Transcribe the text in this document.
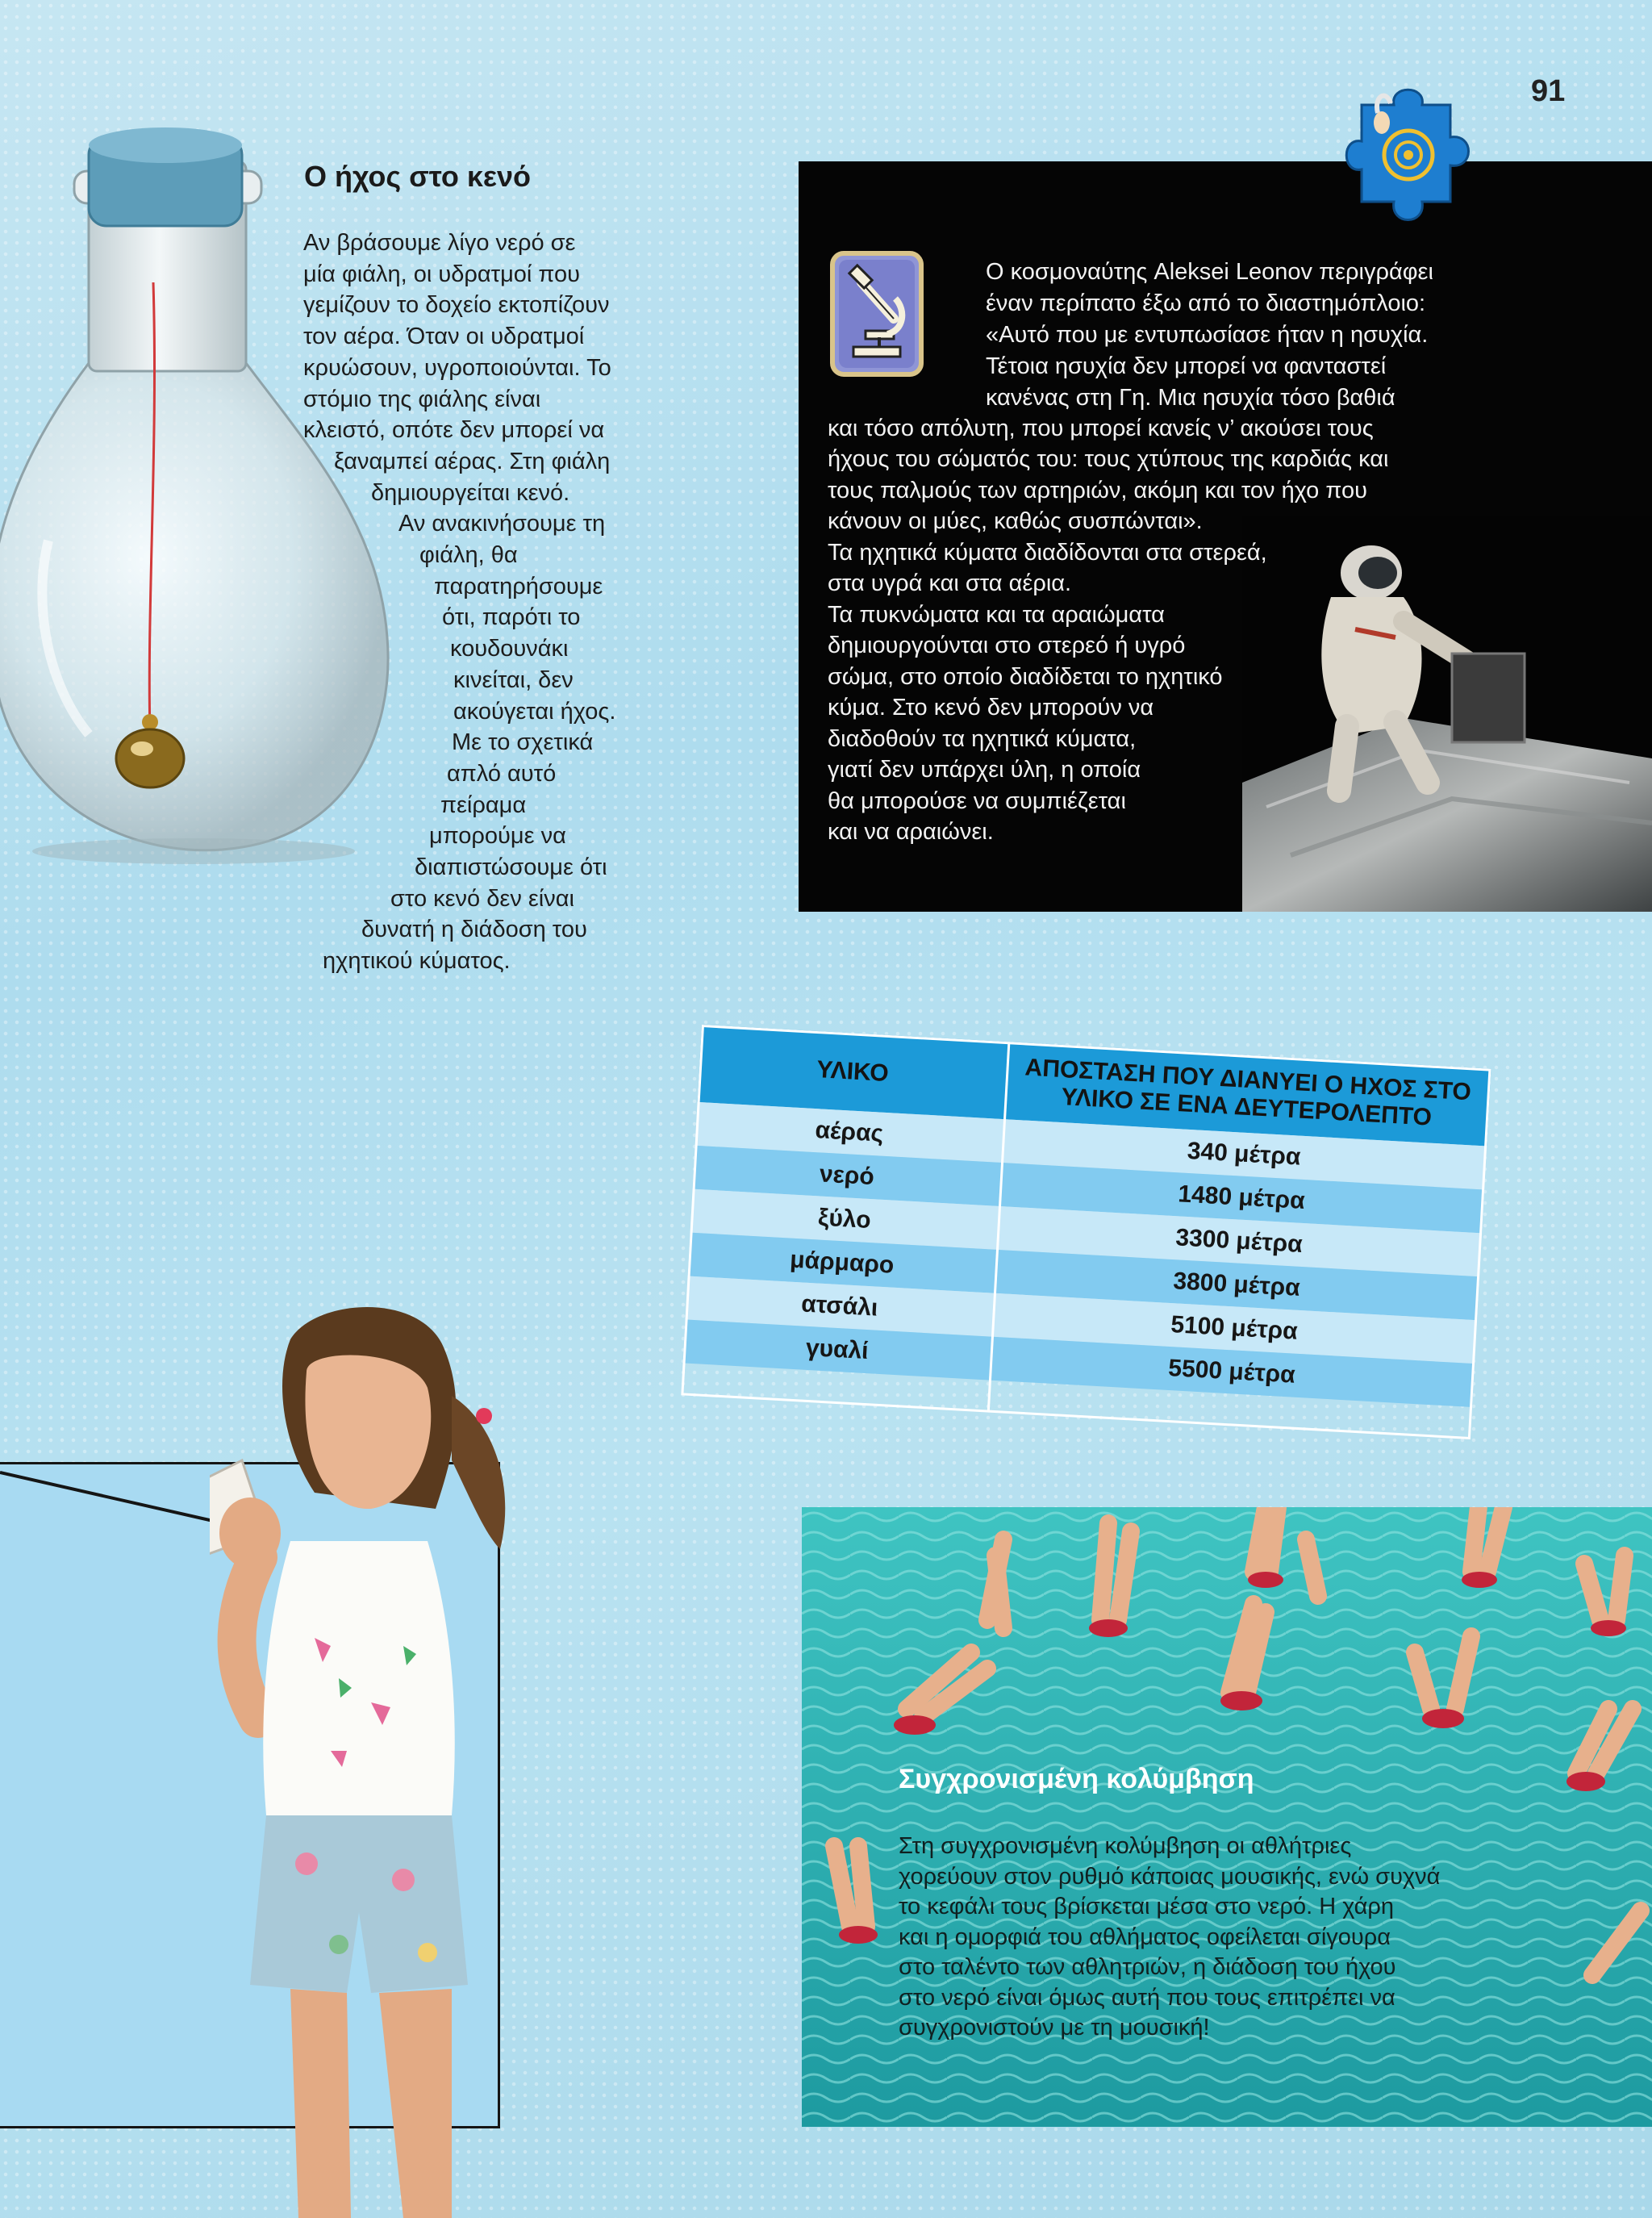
91
Ο ήχος στο κενό
Αν βράσουμε λίγο νερό σε
μία φιάλη, οι υδρατμοί που
γεμίζουν το δοχείο εκτοπίζουν
τον αέρα. Όταν οι υδρατμοί
κρυώσουν, υγροποιούνται. Το
στόμιο της φιάλης είναι
κλειστό, οπότε δεν μπορεί να
ξαναμπεί αέρας. Στη φιάλη
δημιουργείται κενό.
Αν ανακινήσουμε τη
φιάλη, θα
παρατηρήσουμε
ότι, παρότι το
κουδουνάκι
κινείται, δεν
ακούγεται ήχος.
Με το σχετικά
απλό αυτό
πείραμα
μπορούμε να
διαπιστώσουμε ότι
στο κενό δεν είναι
δυνατή η διάδοση του
ηχητικού κύματος.
Ο κοσμοναύτης Aleksei Leonov περιγράφει
έναν περίπατο έξω από το διαστημόπλοιο:
«Αυτό που με εντυπωσίασε ήταν η ησυχία.
Τέτοια ησυχία δεν μπορεί να φανταστεί
κανένας στη Γη. Μια ησυχία τόσο βαθιά
και τόσο απόλυτη, που μπορεί κανείς ν’ ακούσει τους
ήχους του σώματός του: τους χτύπους της καρδιάς και
τους παλμούς των αρτηριών, ακόμη και τον ήχο που
κάνουν οι μύες, καθώς συσπώνται».
Τα ηχητικά κύματα διαδίδονται στα στερεά,
στα υγρά και στα αέρια.
Τα πυκνώματα και τα αραιώματα
δημιουργούνται στο στερεό ή υγρό
σώμα, στο οποίο διαδίδεται το ηχητικό
κύμα. Στο κενό δεν μπορούν να
διαδοθούν τα ηχητικά κύματα,
γιατί δεν υπάρχει ύλη, η οποία
θα μπορούσε να συμπιέζεται
και να αραιώνει.
ΥΛΙΚΟ	ΑΠΟΣΤΑΣΗ ΠΟΥ ΔΙΑΝΥΕΙ Ο ΗΧΟΣ ΣΤΟ ΥΛΙΚΟ ΣΕ ΕΝΑ ΔΕΥΤΕΡΟΛΕΠΤΟ
αέρας
340 μέτρα
νερό
1480 μέτρα
ξύλο
3300 μέτρα
μάρμαρο
3800 μέτρα
ατσάλι
5100 μέτρα
γυαλί
5500 μέτρα
Συγχρονισμένη κολύμβηση
Στη συγχρονισμένη κολύμβηση οι αθλήτριες
χορεύουν στον ρυθμό κάποιας μουσικής, ενώ συχνά
το κεφάλι τους βρίσκεται μέσα στο νερό. Η χάρη
και η ομορφιά του αθλήματος οφείλεται σίγουρα
στο ταλέντο των αθλητριών, η διάδοση του ήχου
στο νερό είναι όμως αυτή που τους επιτρέπει να
συγχρονιστούν με τη μουσική!
